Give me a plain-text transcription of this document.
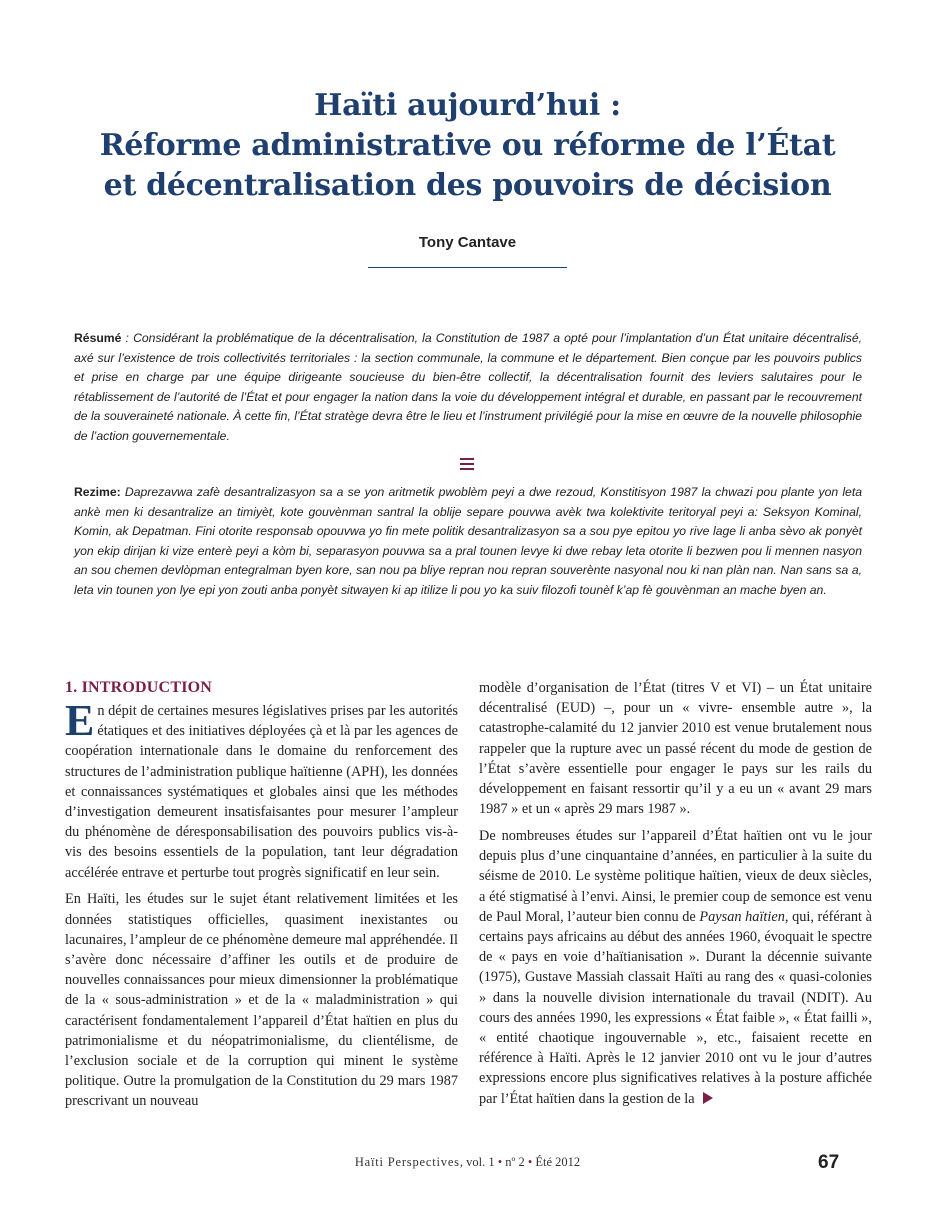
Haïti aujourd’hui :
Réforme administrative ou réforme de l’État
et décentralisation des pouvoirs de décision
Tony Cantave
Résumé : Considérant la problématique de la décentralisation, la Constitution de 1987 a opté pour l’implantation d’un État unitaire décentralisé, axé sur l’existence de trois collectivités territoriales : la section communale, la commune et le département. Bien conçue par les pouvoirs publics et prise en charge par une équipe dirigeante soucieuse du bien-être collectif, la décentralisation fournit des leviers salutaires pour le rétablissement de l’autorité de l’État et pour engager la nation dans la voie du développement intégral et durable, en passant par le recouvrement de la souveraineté nationale. À cette fin, l’État stratège devra être le lieu et l’instrument privilégié pour la mise en œuvre de la nouvelle philosophie de l’action gouvernementale.
Rezime: Daprezavwa zafè desantralizasyon sa a se yon aritmetik pwoblèm peyi a dwe rezoud, Konstitisyon 1987 la chwazi pou plante yon leta ankè men ki desantralize an timiyèt, kote gouvènman santral la oblije separe pouvwa avèk twa kolektivite teritoryal peyi a: Seksyon Kominal, Komin, ak Depatman. Fini otorite responsab opouvwa yo fin mete politik desantralizasyon sa a sou pye epitou yo rive lage li anba sèvo ak ponyèt yon ekip dirijan ki vize enterè peyi a kòm bi, separasyon pouvwa sa a pral tounen levye ki dwe rebay leta otorite li bezwen pou li mennen nasyon an sou chemen devlòpman entegralman byen kore, san nou pa bliye repran nou repran souverènte nasyonal nou ki nan plàn nan. Nan sans sa a, leta vin tounen yon lye epi yon zouti anba ponyèt sitwayen ki ap itilize li pou yo ka suiv filozofi tounèf k’ap fè gouvènman an mache byen an.
1. INTRODUCTION

En dépit de certaines mesures législatives prises par les autorités étatiques et des initiatives déployées çà et là par les agences de coopération internationale dans le domaine du renforcement des structures de l’administration publique haïtienne (APH), les données et connaissances systématiques et globales ainsi que les méthodes d’investigation demeurent insatisfaisantes pour mesurer l’ampleur du phénomène de déresponsabilisation des pouvoirs publics vis-à-vis des besoins essentiels de la population, tant leur dégradation accélérée entrave et perturbe tout progrès significatif en leur sein.

En Haïti, les études sur le sujet étant relativement limitées et les données statistiques officielles, quasiment inexistantes ou lacunaires, l’ampleur de ce phénomène demeure mal appréhendée. Il s’avère donc nécessaire d’affiner les outils et de produire de nouvelles connaissances pour mieux dimensionner la problématique de la « sous-administration » et de la « maladministration » qui caractérisent fondamentalement l’appareil d’État haïtien en plus du patrimonialisme et du néopatrimonialisme, du clientélisme, de l’exclusion sociale et de la corruption qui minent le système politique. Outre la promulgation de la Constitution du 29 mars 1987 prescrivant un nouveau

modèle d’organisation de l’État (titres V et VI) – un État unitaire décentralisé (EUD) –, pour un « vivre- ensemble autre », la catastrophe-calamité du 12 janvier 2010 est venue brutalement nous rappeler que la rupture avec un passé récent du mode de gestion de l’État s’avère essentielle pour engager le pays sur les rails du développement en faisant ressortir qu’il y a eu un « avant 29 mars 1987 » et un « après 29 mars 1987 ».

De nombreuses études sur l’appareil d’État haïtien ont vu le jour depuis plus d’une cinquantaine d’années, en particulier à la suite du séisme de 2010. Le système politique haïtien, vieux de deux siècles, a été stigmatisé à l’envi. Ainsi, le premier coup de semonce est venu de Paul Moral, l’auteur bien connu de Paysan haïtien, qui, référant à certains pays africains au début des années 1960, évoquait le spectre de « pays en voie d’haïtianisation ». Durant la décennie suivante (1975), Gustave Massiah classait Haïti au rang des « quasi-colonies » dans la nouvelle division internationale du travail (NDIT). Au cours des années 1990, les expressions « État faible », « État failli », « entité chaotique ingouvernable », etc., faisaient recette en référence à Haïti. Après le 12 janvier 2010 ont vu le jour d’autres expressions encore plus significatives relatives à la posture affichée par l’État haïtien dans la gestion de la

Haïti Perspectives, vol. 1 • nº 2 • Été 2012	67
